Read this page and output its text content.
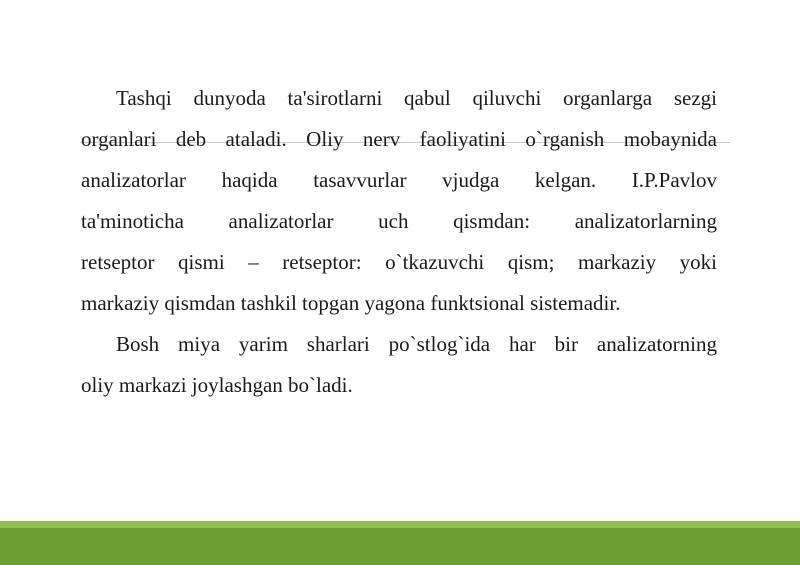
Tashqi dunyoda ta'sirotlarni qabul qiluvchi organlarga sezgi
organlari deb ataladi. Oliy nerv faoliyatini o`rganish mobaynida
analizatorlar haqida tasavvurlar vjudga kelgan. I.P.Pavlov
ta'minoticha analizatorlar uch qismdan: analizatorlarning
retseptor qismi – retseptor: o`tkazuvchi qism; markaziy yoki
markaziy qismdan tashkil topgan yagona funktsional sistemadir.

Bosh miya yarim sharlari po`stlog`ida har bir analizatorning
oliy markazi joylashgan bo`ladi.
